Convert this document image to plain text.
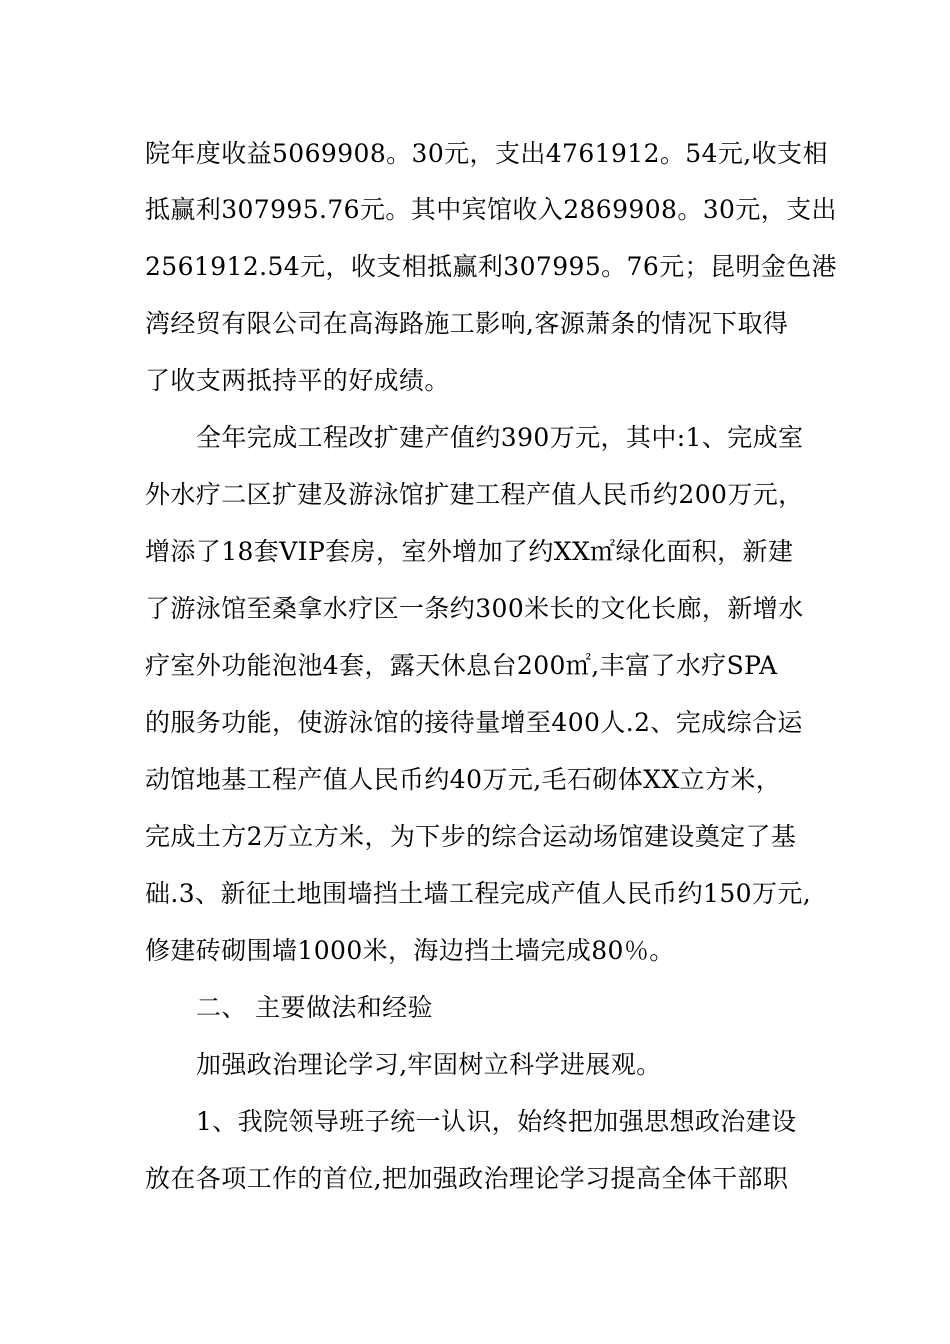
院年度收益5069908。30元，支出4761912。54元,收支相
抵赢利307995.76元。其中宾馆收入2869908。30元，支出
2561912.54元，收支相抵赢利307995。76元；昆明金色港
湾经贸有限公司在高海路施工影响,客源萧条的情况下取得
了收支两抵持平的好成绩。
全年完成工程改扩建产值约390万元，其中:1、完成室
外水疗二区扩建及游泳馆扩建工程产值人民币约200万元，
增添了18套VIP套房，室外增加了约XX㎡绿化面积，新建
了游泳馆至桑拿水疗区一条约300米长的文化长廊，新增水
疗室外功能泡池4套，露天休息台200㎡,丰富了水疗SPA
的服务功能，使游泳馆的接待量增至400人.2、完成综合运
动馆地基工程产值人民币约40万元,毛石砌体XX立方米，
完成土方2万立方米，为下步的综合运动场馆建设奠定了基
础.3、新征土地围墙挡土墙工程完成产值人民币约150万元,
修建砖砌围墙1000米，海边挡土墙完成80％。
二、 主要做法和经验
加强政治理论学习,牢固树立科学进展观。
1、我院领导班子统一认识，始终把加强思想政治建设
放在各项工作的首位,把加强政治理论学习提高全体干部职
